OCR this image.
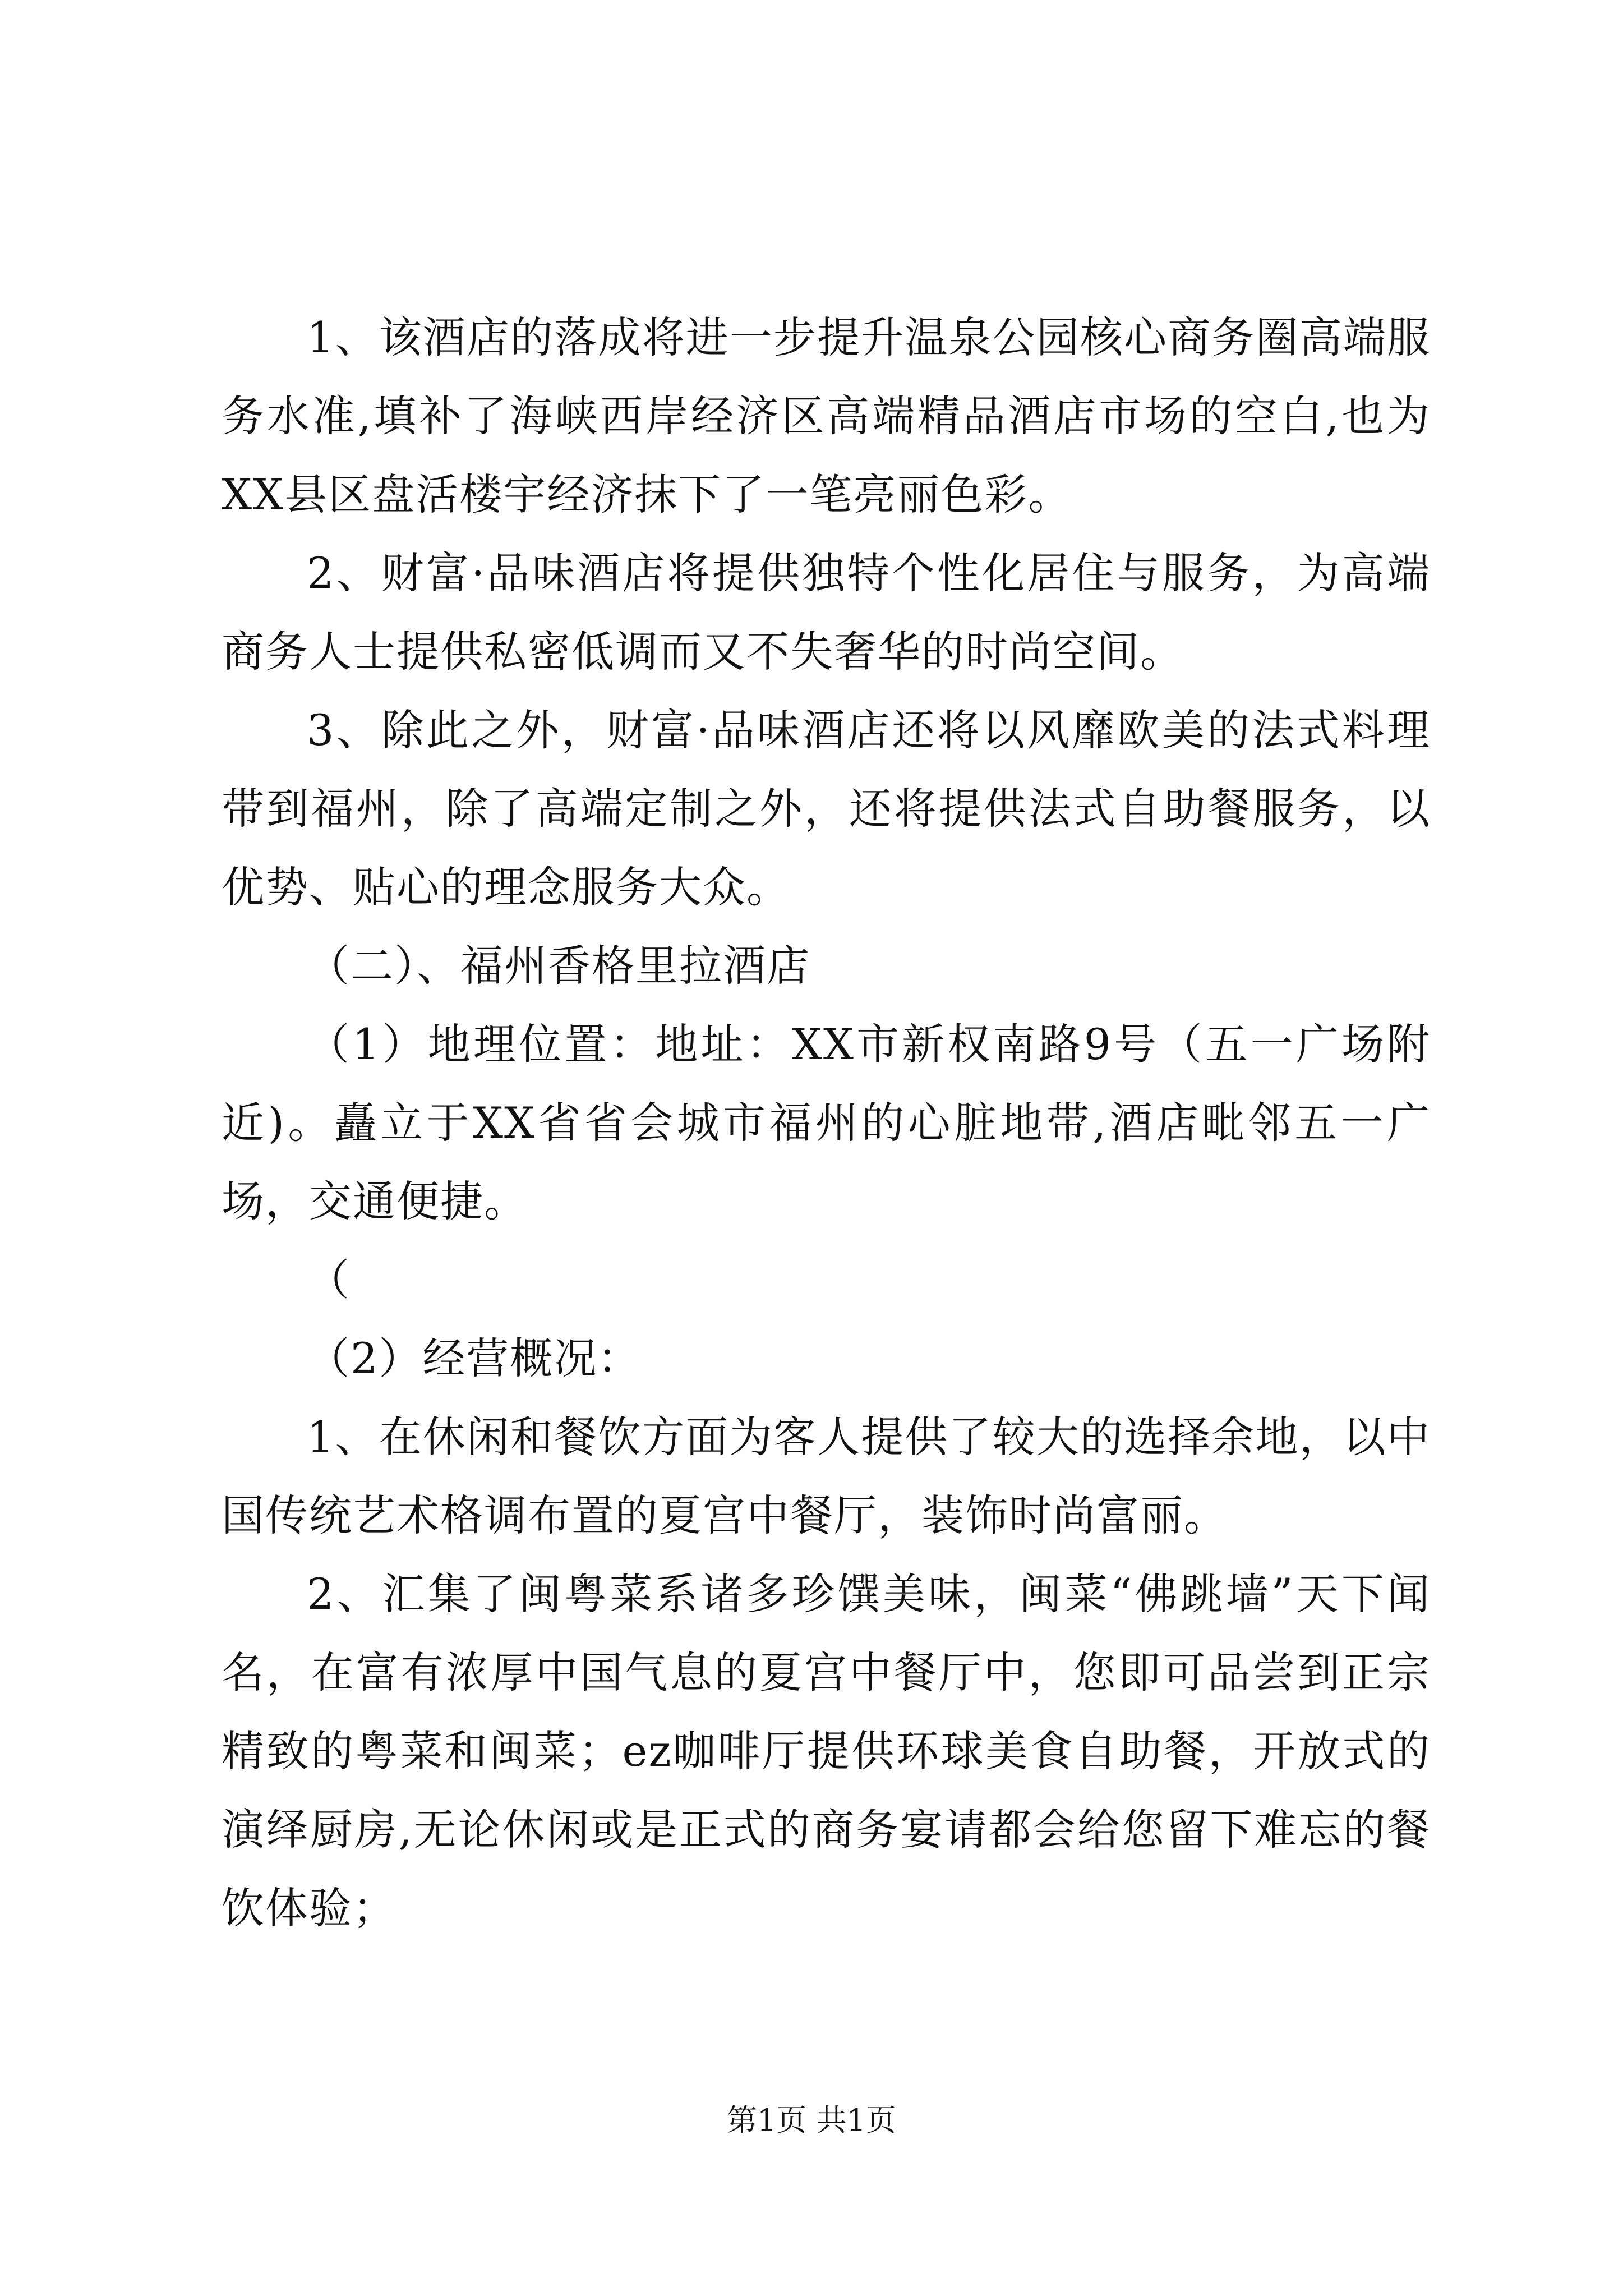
1、该酒店的落成将进一步提升温泉公园核心商务圈高端服务水准,填补了海峡西岸经济区高端精品酒店市场的空白,也为XX县区盘活楼宇经济抹下了一笔亮丽色彩。

2、财富·品味酒店将提供独特个性化居住与服务，为高端商务人士提供私密低调而又不失奢华的时尚空间。

3、除此之外，财富·品味酒店还将以风靡欧美的法式料理带到福州，除了高端定制之外，还将提供法式自助餐服务，以优势、贴心的理念服务大众。

（二）、福州香格里拉酒店

（1）地理位置：地址：XX市新权南路9号（五一广场附近)。矗立于XX省省会城市福州的心脏地带,酒店毗邻五一广场，交通便捷。

（

（2）经营概况：

1、在休闲和餐饮方面为客人提供了较大的选择余地，以中国传统艺术格调布置的夏宫中餐厅，装饰时尚富丽。

2、汇集了闽粤菜系诸多珍馔美味，闽菜“佛跳墙”天下闻名，在富有浓厚中国气息的夏宫中餐厅中，您即可品尝到正宗精致的粤菜和闽菜；ez咖啡厅提供环球美食自助餐，开放式的演绎厨房,无论休闲或是正式的商务宴请都会给您留下难忘的餐饮体验；

第1页 共1页
